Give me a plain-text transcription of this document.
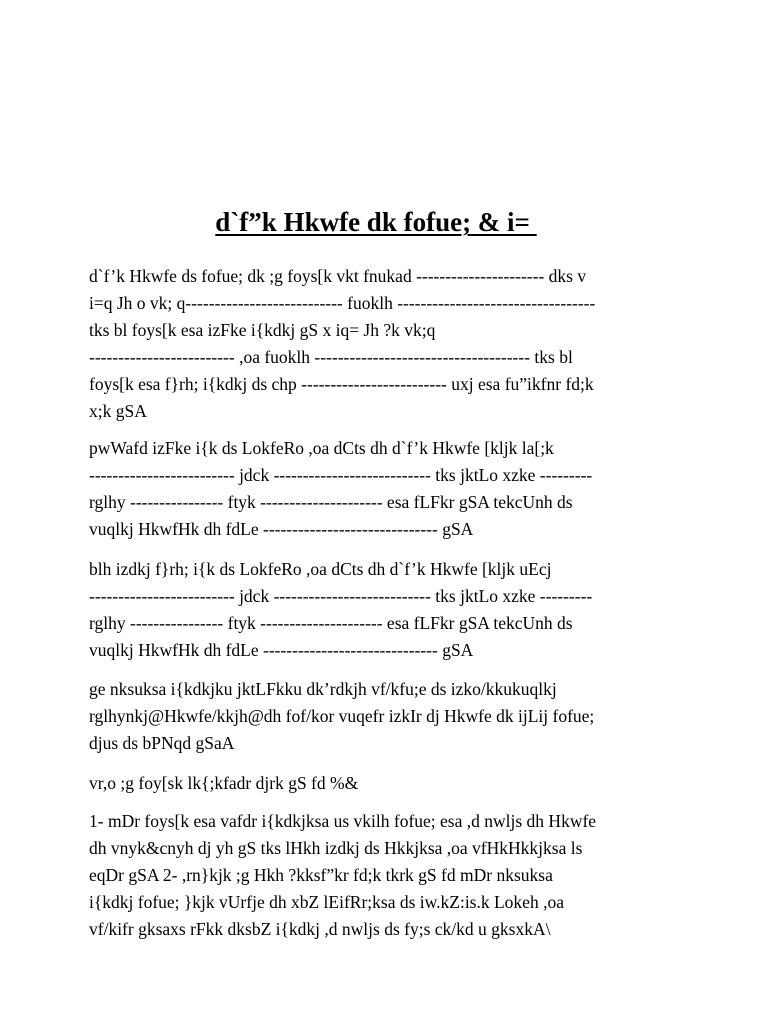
d`f”k Hkwfe dk fofue; & i=

d`f’k Hkwfe ds fofue; dk ;g foys[k vkt fnukad ---------------------- dks v
i=q Jh o vk; q--------------------------- fuoklh ----------------------------------
tks bl foys[k esa izFke i{kdkj gS x iq= Jh ?k vk;q
------------------------- ,oa fuoklh ------------------------------------- tks bl
foys[k esa f}rh; i{kdkj ds chp ------------------------- uxj esa fu”ikfnr fd;k
x;k gSA

pwWafd izFke i{k ds LokfeRo ,oa dCts dh d`f’k Hkwfe [kljk la[;k
------------------------- jdck --------------------------- tks jktLo xzke ---------
rglhy ---------------- ftyk --------------------- esa fLFkr gSA tekcUnh ds
vuqlkj HkwfHk dh fdLe ------------------------------ gSA

blh izdkj f}rh; i{k ds LokfeRo ,oa dCts dh d`f’k Hkwfe [kljk uEcj
------------------------- jdck --------------------------- tks jktLo xzke ---------
rglhy ---------------- ftyk --------------------- esa fLFkr gSA tekcUnh ds
vuqlkj HkwfHk dh fdLe ------------------------------ gSA

ge nksuksa i{kdkjku jktLFkku dk’rdkjh vf/kfu;e ds izko/kkukuqlkj
rglhynkj@Hkwfe/kkjh@dh fof/kor vuqefr izkIr dj Hkwfe dk ijLij fofue;
djus ds bPNqd gSaA

vr,o ;g foy[sk lk{;kfadr djrk gS fd %&

1- mDr foys[k esa vafdr i{kdkjksa us vkilh fofue; esa ,d nwljs dh Hkwfe
dh vnyk&cnyh dj yh gS tks lHkh izdkj ds Hkkjksa ,oa vfHkHkkjksa ls
eqDr gSA 2- ,rn}kjk ;g Hkh ?kksf”kr fd;k tkrk gS fd mDr nksuksa
i{kdkj fofue; }kjk vUrfje dh xbZ lEifRr;ksa ds iw.kZ:is.k Lokeh ,oa
vf/kifr gksaxs rFkk dksbZ i{kdkj ,d nwljs ds fy;s ck/kd u gksxkA\
